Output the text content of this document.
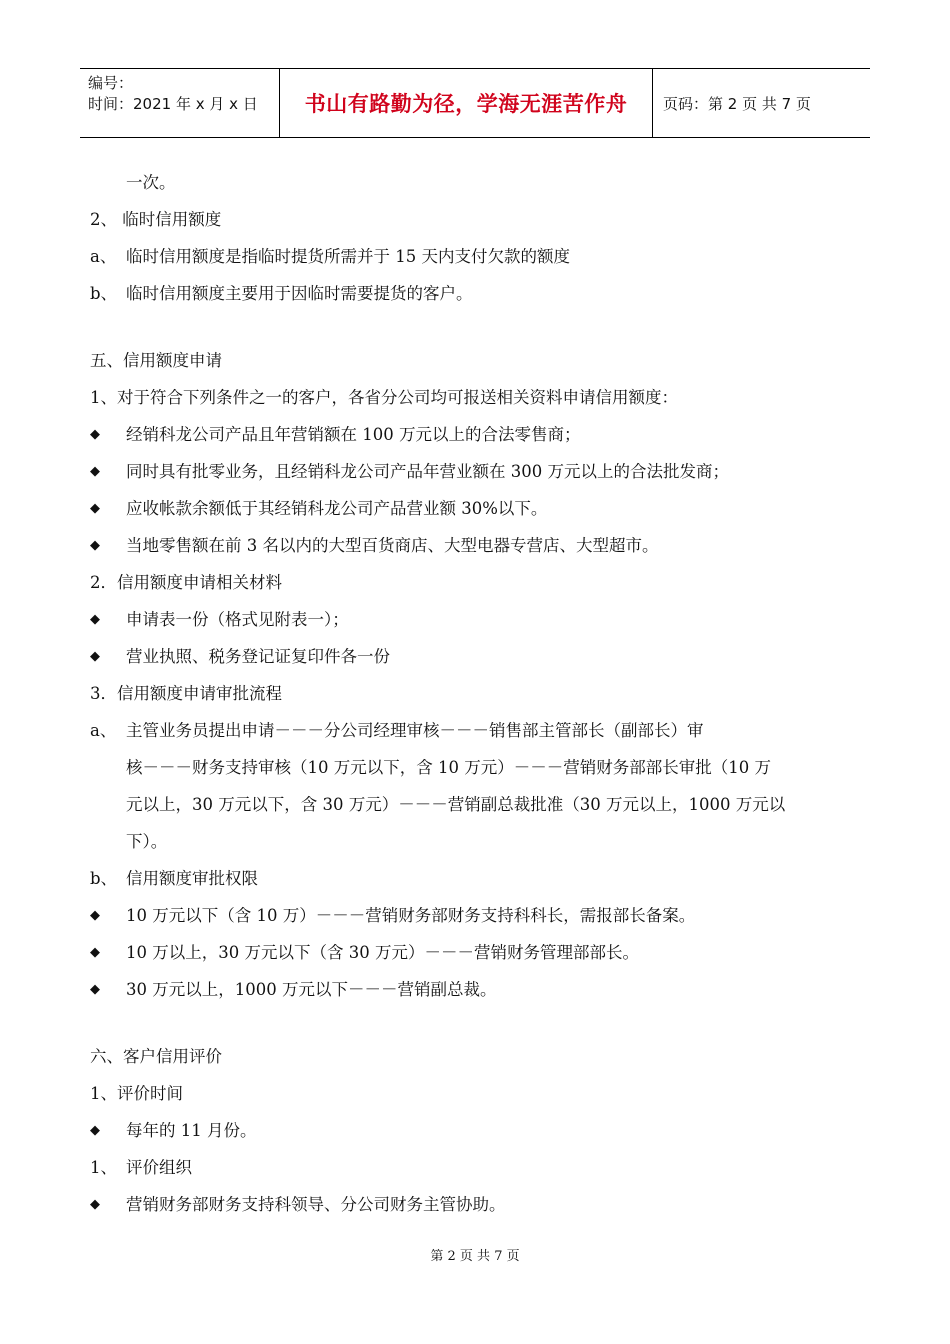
编号：
时间：2021 年 x 月 x 日	书山有路勤为径，学海无涯苦作舟	页码：第 2 页 共 7 页
一次。
2、 临时信用额度
a、 临时信用额度是指临时提货所需并于 15 天内支付欠款的额度
b、 临时信用额度主要用于因临时需要提货的客户。
五、信用额度申请
1、对于符合下列条件之一的客户，各省分公司均可报送相关资料申请信用额度：
◆	经销科龙公司产品且年营销额在 100 万元以上的合法零售商；
◆	同时具有批零业务，且经销科龙公司产品年营业额在 300 万元以上的合法批发商；
◆	应收帐款余额低于其经销科龙公司产品营业额 30%以下。
◆	当地零售额在前 3 名以内的大型百货商店、大型电器专营店、大型超市。
2．信用额度申请相关材料
◆	申请表一份（格式见附表一）；
◆	营业执照、税务登记证复印件各一份
3．信用额度申请审批流程
a、 主管业务员提出申请－－－分公司经理审核－－－销售部主管部长（副部长）审
核－－－财务支持审核（10 万元以下，含 10 万元）－－－营销财务部部长审批（10 万
元以上，30 万元以下，含 30 万元）－－－营销副总裁批准（30 万元以上，1000 万元以
下）。
b、 信用额度审批权限
◆	10 万元以下（含 10 万）－－－营销财务部财务支持科科长，需报部长备案。
◆	10 万以上，30 万元以下（含 30 万元）－－－营销财务管理部部长。
◆	30 万元以上，1000 万元以下－－－营销副总裁。
六、客户信用评价
1、评价时间
◆	每年的 11 月份。
1、 评价组织
◆	营销财务部财务支持科领导、分公司财务主管协助。
第 2 页 共 7 页
